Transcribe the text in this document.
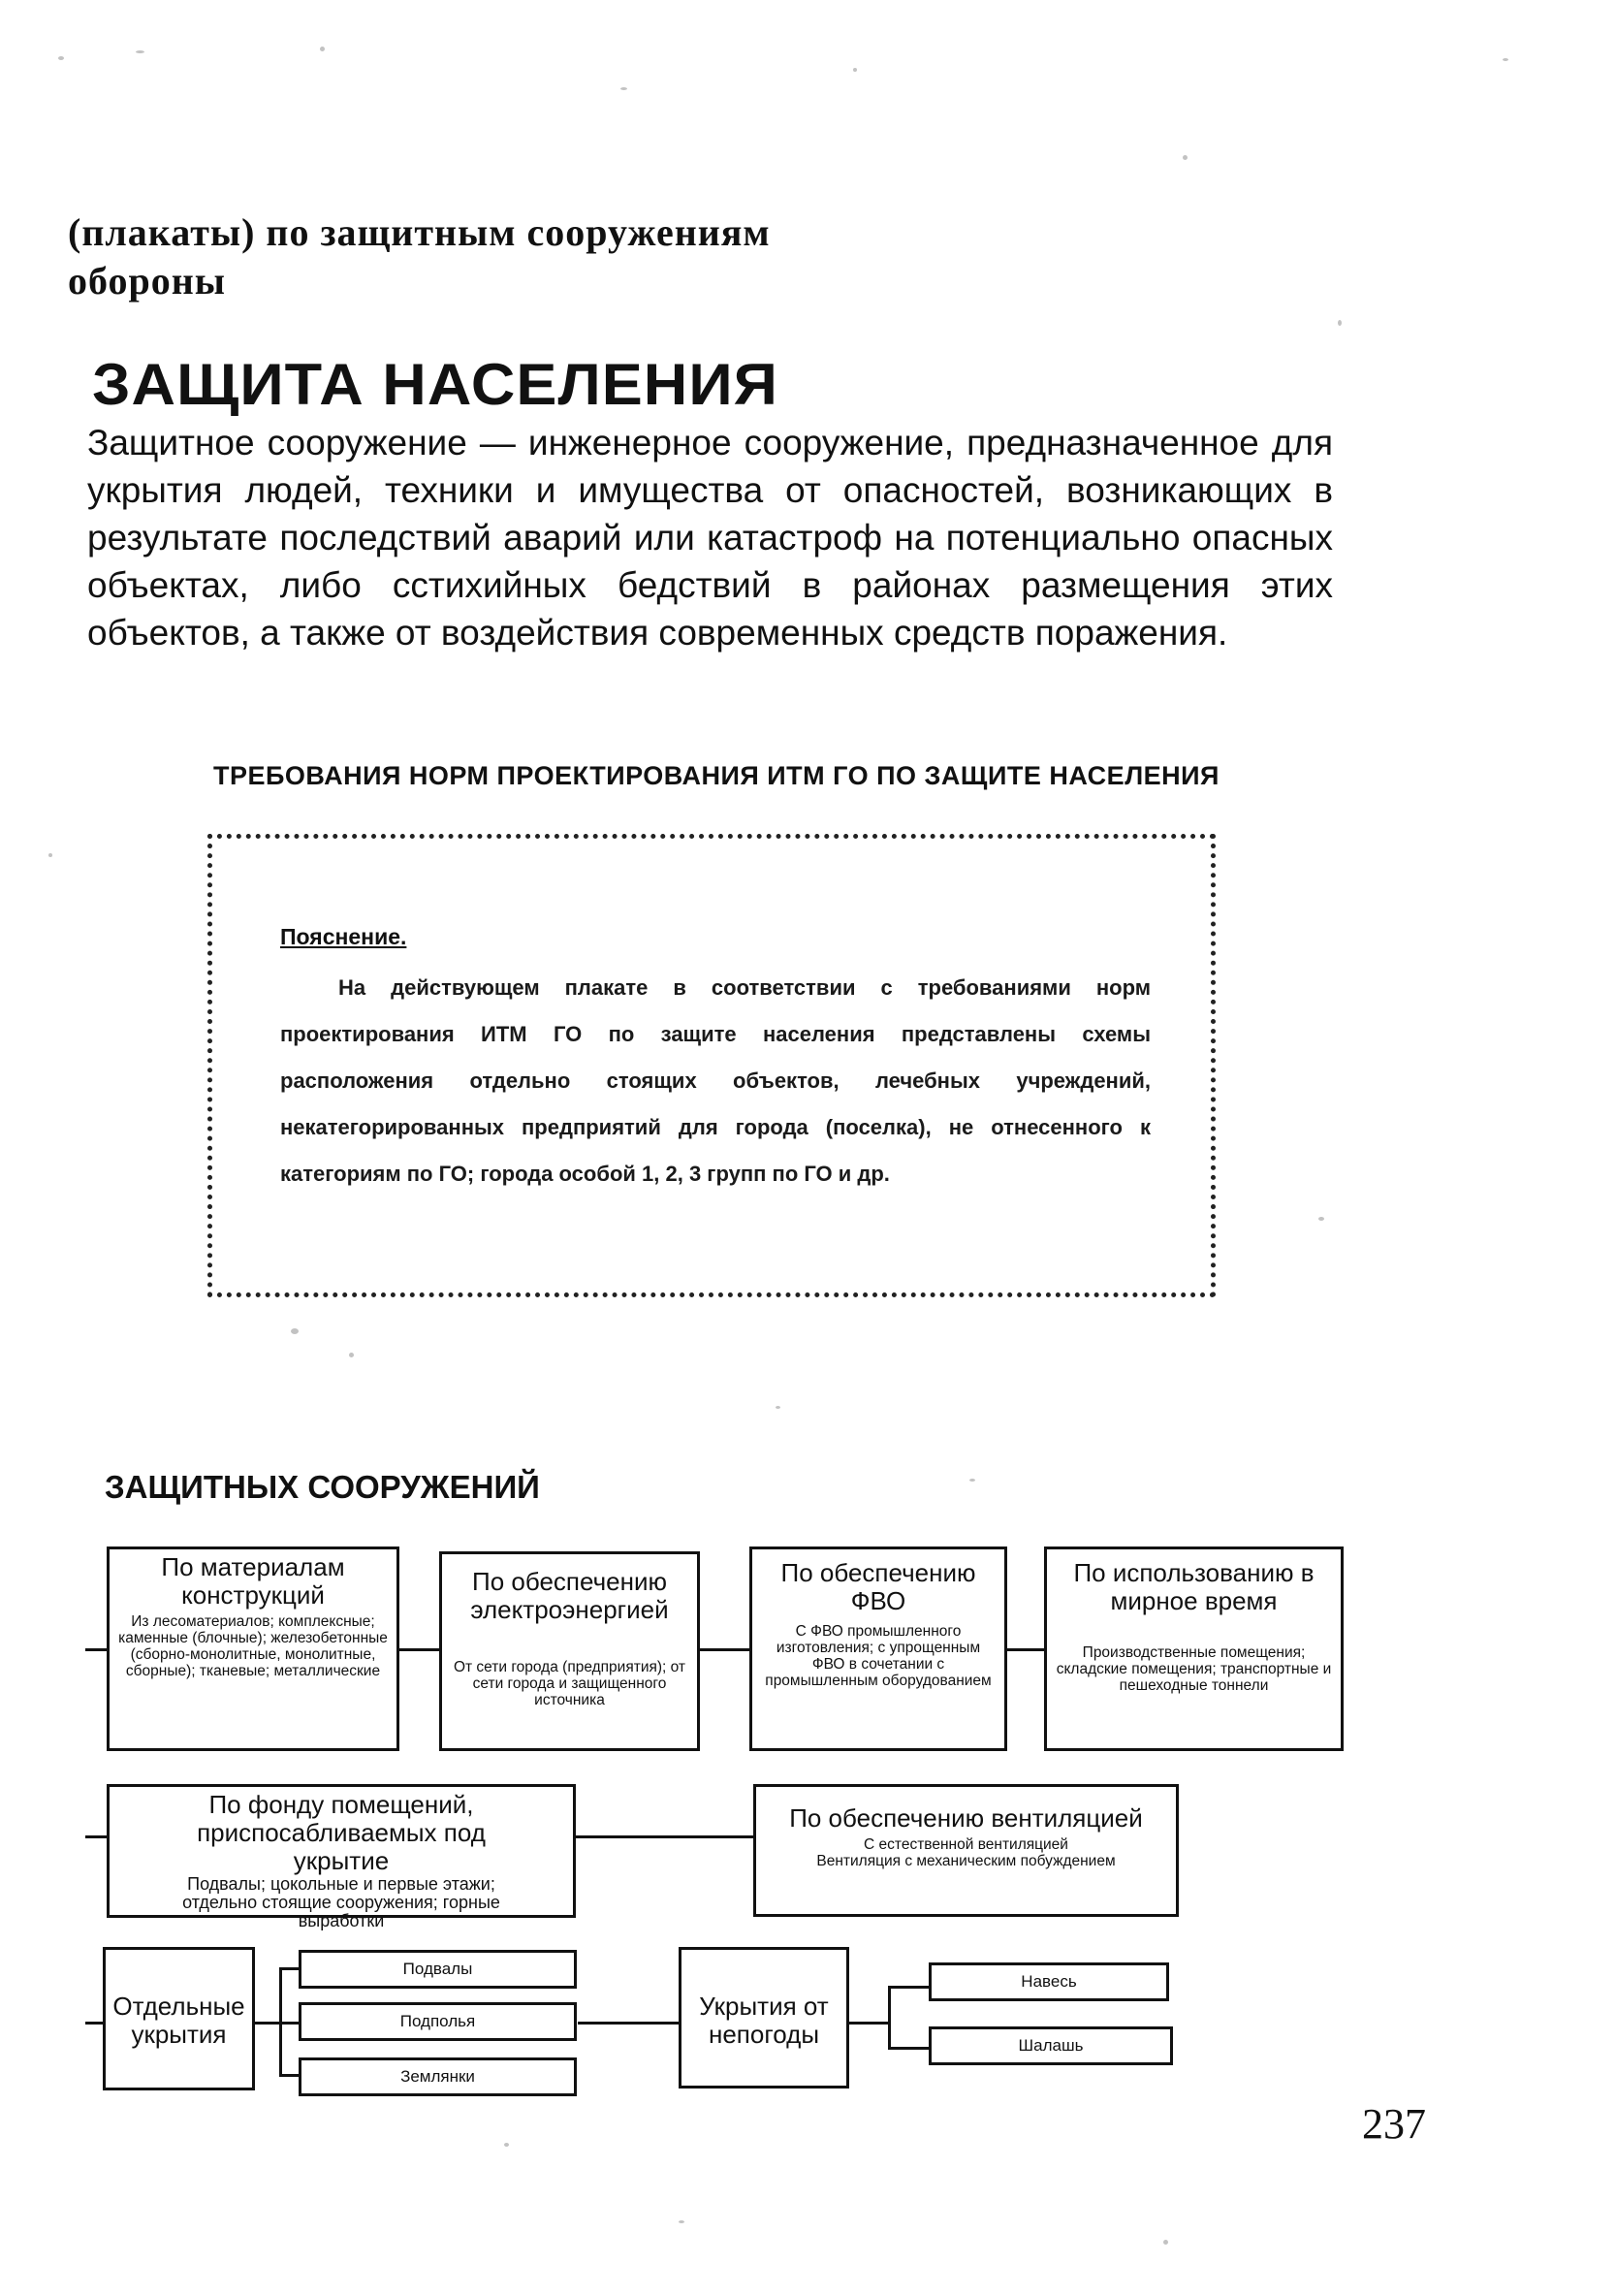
(плакаты) по защитным сооружениям
обороны
ЗАЩИТА НАСЕЛЕНИЯ

Защитное сооружение — инженерное сооружение, предназначенное для укрытия людей, техники и имущества от опасностей, возникающих в результате последствий аварий или катастроф на потенциально опасных объектах, либо сстихийных бедствий в районах размещения этих объектов, а также от воздействия современных средств поражения.

ТРЕБОВАНИЯ НОРМ ПРОЕКТИРОВАНИЯ ИТМ ГО ПО ЗАЩИТЕ НАСЕЛЕНИЯ

Пояснение.

На действующем плакате в соответствии с требованиями норм проектирования ИТМ ГО по защите населения представлены схемы расположения отдельно стоящих объектов, лечебных учреждений, некатегорированных предприятий для города (поселка), не отнесенного к категориям по ГО; города особой 1, 2, 3 групп по ГО и др.

ЗАЩИТНЫХ СООРУЖЕНИЙ
По материалам конструкций
Из лесоматериалов; комплексные; каменные (блочные); железобетонные (сборно-монолитные, монолитные, сборные); тканевые; металлические
По обеспечению электроэнергией
От сети города (предприятия); от сети города и защищенного источника
По обеспечению ФВО
С ФВО промышленного изготовления; с упрощенным ФВО в сочетании с промышленным оборудованием
По использованию в мирное время
Производственные помещения; складские помещения; транспортные и пешеходные тоннели
По фонду помещений, приспосабливаемых под укрытие
Подвалы; цокольные и первые этажи; отдельно стоящие сооружения; горные выработки
По обеспечению вентиляцией
С естественной вентиляцией
Вентиляция с механическим побуждением
Отдельные укрытия
Подвалы
Подполья
Землянки
Укрытия от непогоды
Навесь
Шалашь

237
